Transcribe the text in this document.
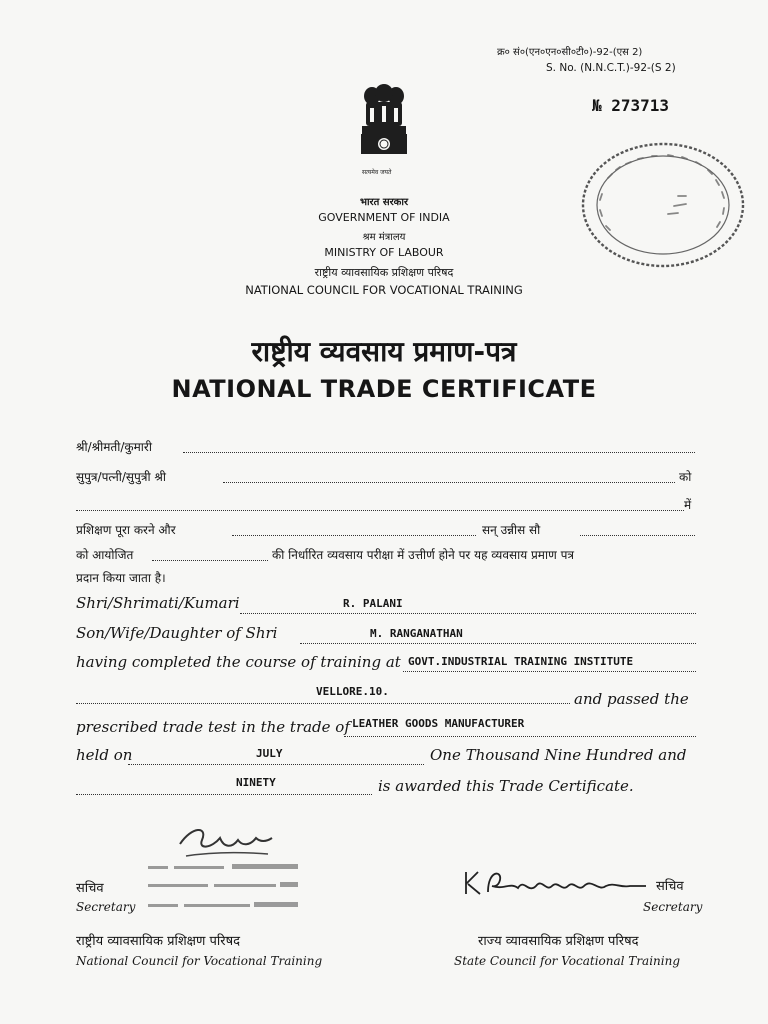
क्र० सं०(एन०एन०सी०टी०)-92-(एस 2)
S. No. (N.N.C.T.)-92-(S 2)
№ 273713
सत्यमेव जयते
भारत सरकार
GOVERNMENT OF INDIA
श्रम मंत्रालय
MINISTRY OF LABOUR
राष्ट्रीय व्यावसायिक प्रशिक्षण परिषद
NATIONAL COUNCIL FOR VOCATIONAL TRAINING
राष्ट्रीय व्यवसाय प्रमाण-पत्र
NATIONAL TRADE CERTIFICATE
श्री/श्रीमती/कुमारी
सुपुत्र/पत्नी/सुपुत्री श्री	को
में
प्रशिक्षण पूरा करने और	सन् उन्नीस सौ
को आयोजित	की निर्धारित व्यवसाय परीक्षा में उत्तीर्ण होने पर यह व्यवसाय प्रमाण पत्र
प्रदान किया जाता है।
Shri/Shrimati/Kumari	R. PALANI
Son/Wife/Daughter of Shri	M. RANGANATHAN
having completed the course of training at GOVT.INDUSTRIAL TRAINING INSTITUTE
VELLORE.10.	and passed the
prescribed trade test in the trade of LEATHER GOODS MANUFACTURER
held on	JULY	One Thousand Nine Hundred and
NINETY	is awarded this Trade Certificate.
सचिव
Secretary
राष्ट्रीय व्यावसायिक प्रशिक्षण परिषद
National Council for Vocational Training
सचिव
Secretary
राज्य व्यावसायिक प्रशिक्षण परिषद
State Council for Vocational Training
